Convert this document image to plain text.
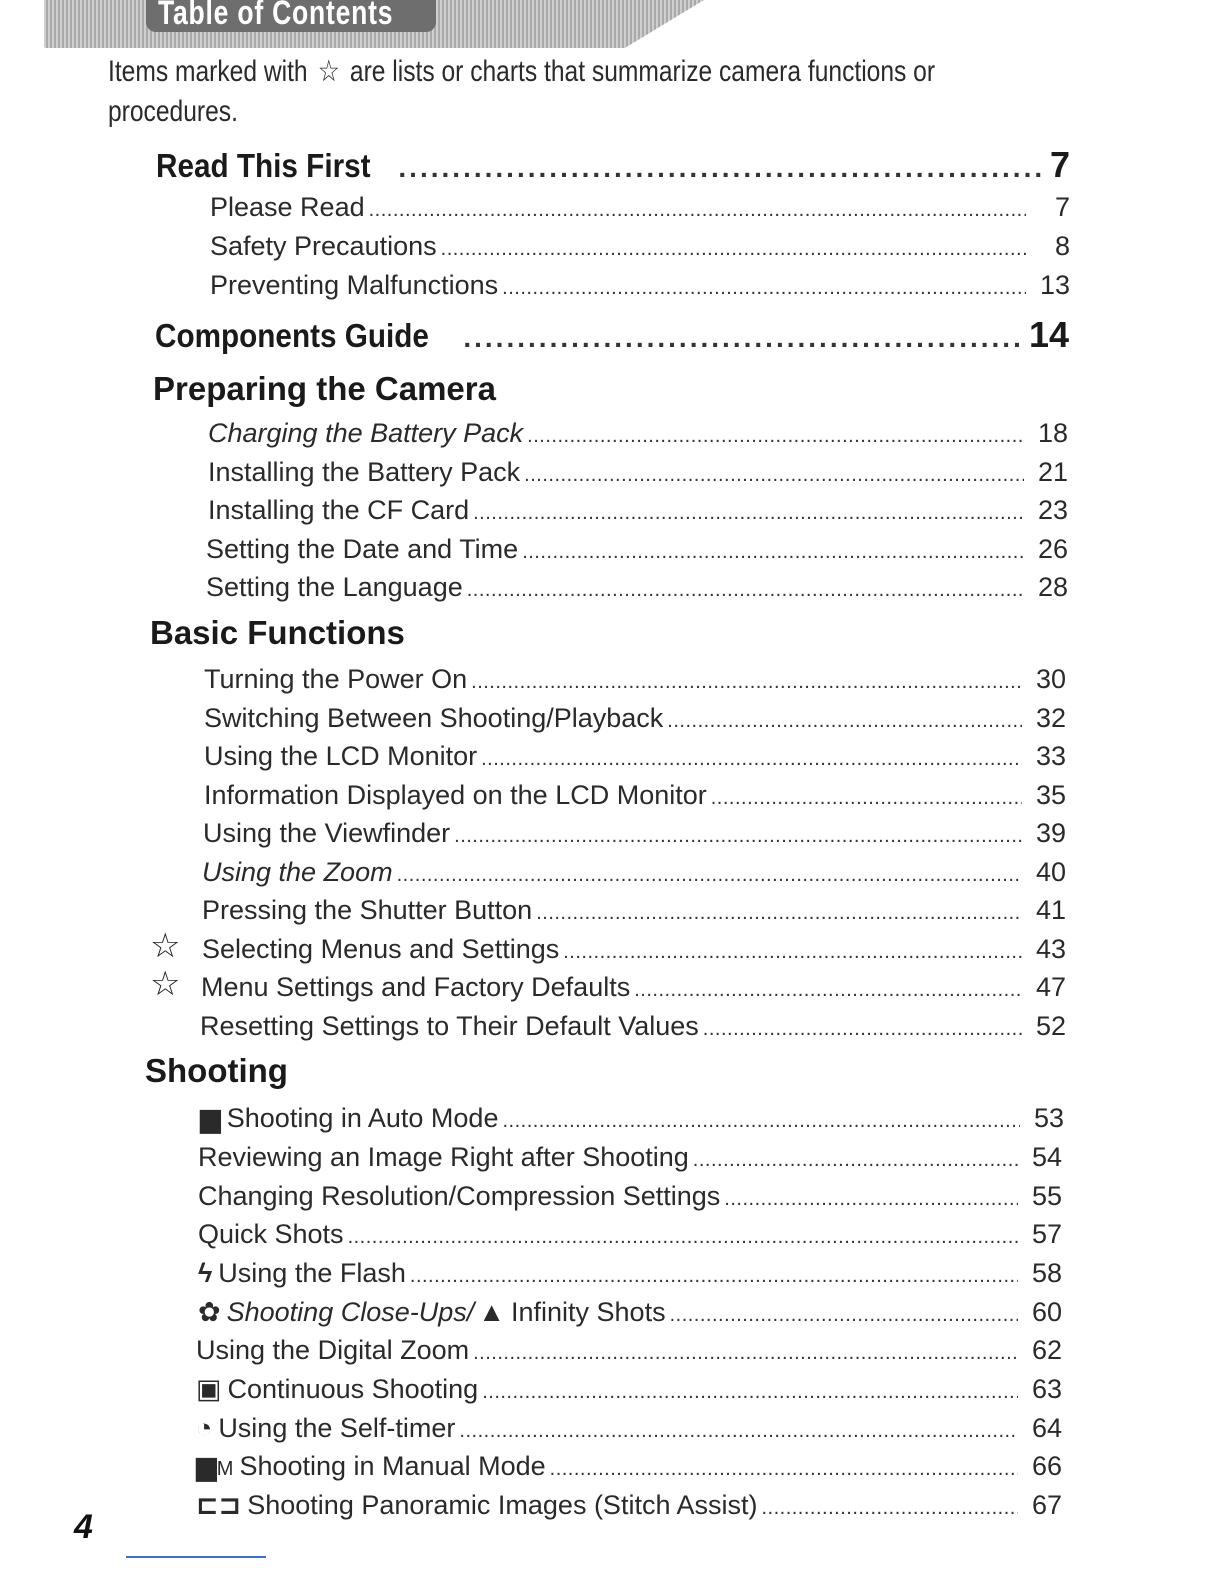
Table of Contents
Items marked with ☆ are lists or charts that summarize camera functions or
procedures.
Read This First .....	7
Please Read .....	7
Safety Precautions .....	8
Preventing Malfunctions .....	13
Components Guide .....	14
Preparing the Camera
Charging the Battery Pack .....	18
Installing the Battery Pack .....	21
Installing the CF Card .....	23
Setting the Date and Time .....	26
Setting the Language .....	28
Basic Functions
Turning the Power On .....	30
Switching Between Shooting/Playback .....	32
Using the LCD Monitor .....	33
Information Displayed on the LCD Monitor .....	35
Using the Viewfinder .....	39
Using the Zoom .....	40
Pressing the Shutter Button .....	41
☆ Selecting Menus and Settings .....	43
☆ Menu Settings and Factory Defaults .....	47
Resetting Settings to Their Default Values .....	52
Shooting
▆ Shooting in Auto Mode .....	53
Reviewing an Image Right after Shooting .....	54
Changing Resolution/Compression Settings .....	55
Quick Shots .....	57
ϟ Using the Flash .....	58
✿ Shooting Close-Ups/ ▲ Infinity Shots .....	60
Using the Digital Zoom .....	62
▣ Continuous Shooting .....	63
◔ Using the Self-timer .....	64
▆M Shooting in Manual Mode .....	66
⊏⊐ Shooting Panoramic Images (Stitch Assist) .....	67
4
